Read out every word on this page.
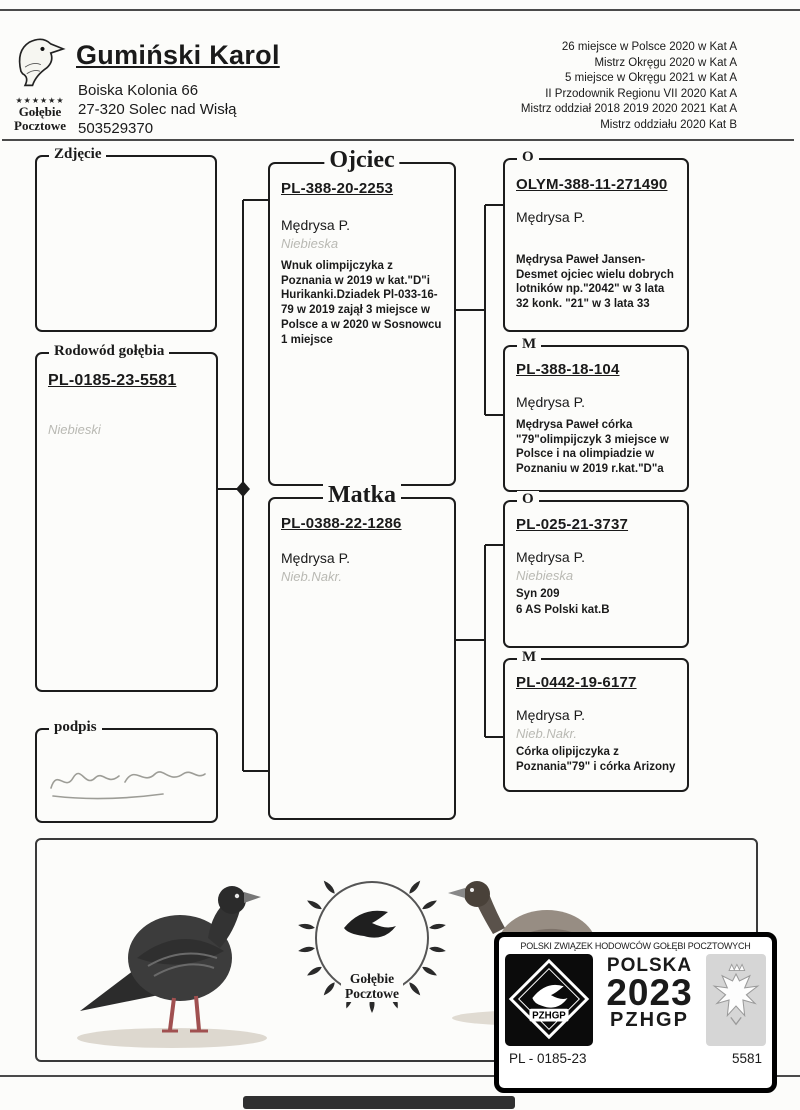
★★★★★★
Gołębie
Pocztowe
Gumiński Karol
Boiska Kolonia 66
27-320 Solec nad Wisłą
503529370
26 miejsce w Polsce 2020 w Kat A
Mistrz Okręgu 2020 w Kat A
5 miejsce w Okręgu 2021 w Kat A
II Przodownik Regionu VII 2020 Kat A
Mistrz oddział 2018 2019 2020 2021 Kat A
Mistrz oddziału 2020 Kat B
Zdjęcie
Rodowód gołębia
PL-0185-23-5581
Niebieski
podpis
Ojciec
PL-388-20-2253
Mędrysa P.
Niebieska
Wnuk olimpijczyka z Poznania w 2019 w kat."D"i Hurikanki.Dziadek Pl-033-16-79 w 2019 zajął 3 miejsce w Polsce a w 2020 w Sosnowcu 1 miejsce
Matka
PL-0388-22-1286
Mędrysa P.
Nieb.Nakr.
O
OLYM-388-11-271490
Mędrysa P.
Mędrysa Paweł Jansen-Desmet ojciec wielu dobrych lotników np."2042" w 3 lata 32 konk. "21" w 3 lata 33
M
PL-388-18-104
Mędrysa P.
Mędrysa Paweł córka "79"olimpijczyk 3 miejsce w Polsce i na olimpiadzie w Poznaniu w 2019 r.kat."D"a
O
PL-025-21-3737
Mędrysa P.
Niebieska
Syn 209
6 AS Polski kat.B
M
PL-0442-19-6177
Mędrysa P.
Nieb.Nakr.
Córka olipijczyka z Poznania"79" i córka Arizony
Gołębie
Pocztowe
POLSKI ZWIĄZEK HODOWCÓW GOŁĘBI POCZTOWYCH
PZHGP
POLSKA
2023
PZHGP
PL - 0185-23	5581
